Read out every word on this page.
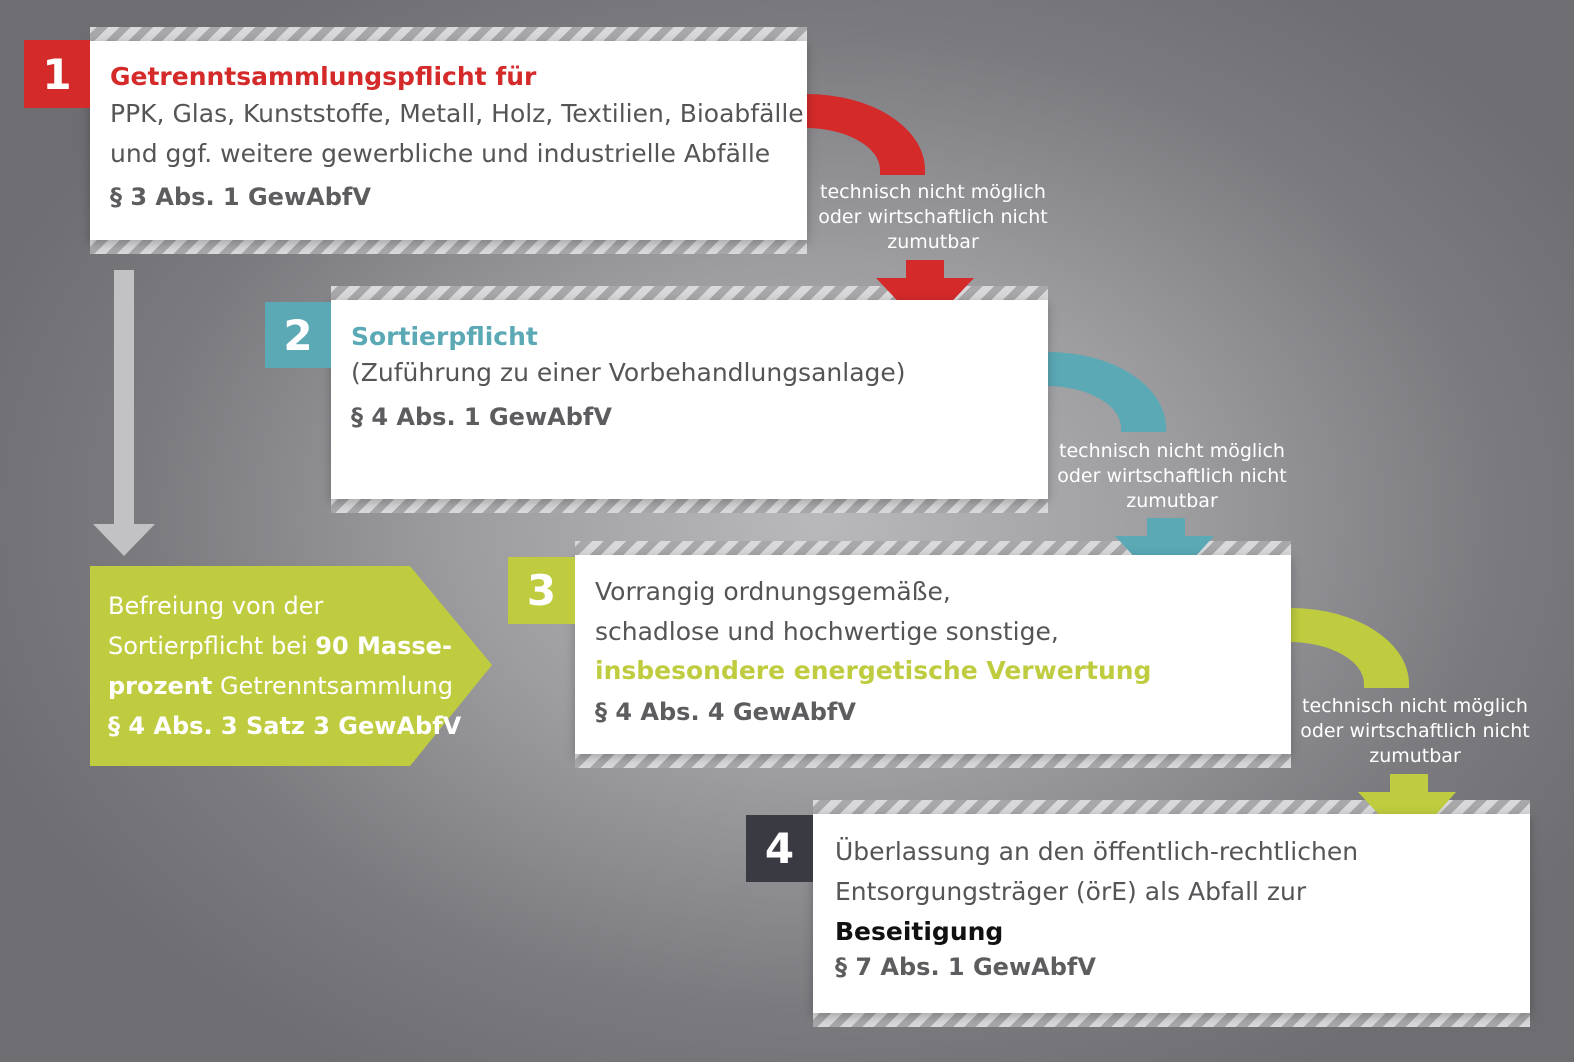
1	Getrenntsammlungspflicht für
PPK, Glas, Kunststoffe, Metall, Holz, Textilien, Bioabfälle
und ggf. weitere gewerbliche und industrielle Abfälle
§ 3 Abs. 1 GewAbfV	technisch nicht möglich
oder wirtschaftlich nicht
zumutbar
2	Sortierpflicht
(Zuführung zu einer Vorbehandlungsanlage)
§ 4 Abs. 1 GewAbfV
technisch nicht möglich
oder wirtschaftlich nicht
zumutbar
3	Vorrangig ordnungsgemäße,
schadlose und hochwertige sonstige,
insbesondere energetische Verwertung
§ 4 Abs. 4 GewAbfV	technisch nicht möglich
oder wirtschaftlich nicht
zumutbar
4	Überlassung an den öffentlich-rechtlichen
Entsorgungsträger (örE) als Abfall zur
Beseitigung
§ 7 Abs. 1 GewAbfV
Befreiung von der
Sortierpflicht bei 90 Masse-
prozent Getrenntsammlung
§ 4 Abs. 3 Satz 3 GewAbfV
